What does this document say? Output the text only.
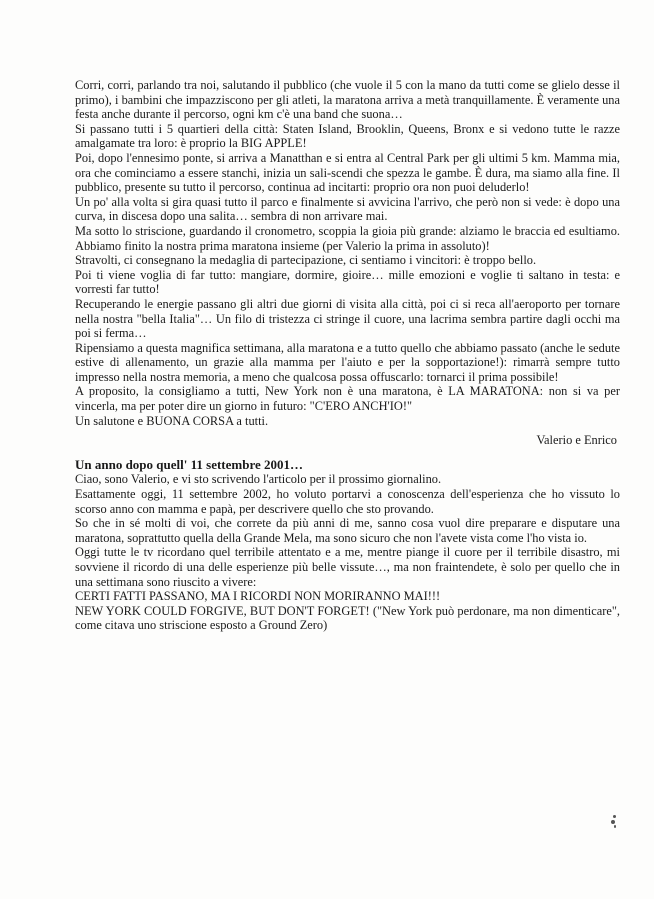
Corri, corri, parlando tra noi, salutando il pubblico (che vuole il 5 con la mano da tutti come se glielo desse il primo), i bambini che impazziscono per gli atleti, la maratona arriva a metà tranquillamente. È veramente una festa anche durante il percorso, ogni km c'è una band che suona…

Si passano tutti i 5 quartieri della città: Staten Island, Brooklin, Queens, Bronx e si vedono tutte le razze amalgamate tra loro: è proprio la BIG APPLE!

Poi, dopo l'ennesimo ponte, si arriva a Manatthan e si entra al Central Park per gli ultimi 5 km. Mamma mia, ora che cominciamo a essere stanchi, inizia un sali-scendi che spezza le gambe. È dura, ma siamo alla fine. Il pubblico, presente su tutto il percorso, continua ad incitarti: proprio ora non puoi deluderlo!

Un po' alla volta si gira quasi tutto il parco e finalmente si avvicina l'arrivo, che però non si vede: è dopo una curva, in discesa dopo una salita… sembra di non arrivare mai.

Ma sotto lo striscione, guardando il cronometro, scoppia la gioia più grande: alziamo le braccia ed esultiamo. Abbiamo finito la nostra prima maratona insieme (per Valerio la prima in assoluto)!

Stravolti, ci consegnano la medaglia di partecipazione, ci sentiamo i vincitori: è troppo bello.

Poi ti viene voglia di far tutto: mangiare, dormire, gioire… mille emozioni e voglie ti saltano in testa: e vorresti far tutto!

Recuperando le energie passano gli altri due giorni di visita alla città, poi ci si reca all'aeroporto per tornare nella nostra "bella Italia"… Un filo di tristezza ci stringe il cuore, una lacrima sembra partire dagli occhi ma poi si ferma…

Ripensiamo a questa magnifica settimana, alla maratona e a tutto quello che abbiamo passato (anche le sedute estive di allenamento, un grazie alla mamma per l'aiuto e per la sopportazione!): rimarrà sempre tutto impresso nella nostra memoria, a meno che qualcosa possa offuscarlo: tornarci il prima possibile!

A proposito, la consigliamo a tutti, New York non è una maratona, è LA MARATONA: non si va per vincerla, ma per poter dire un giorno in futuro: "C'ERO ANCH'IO!"

Un salutone e BUONA CORSA a tutti.

Valerio e Enrico

Un anno dopo quell' 11 settembre 2001…

Ciao, sono Valerio, e vi sto scrivendo l'articolo per il prossimo giornalino.

Esattamente oggi, 11 settembre 2002, ho voluto portarvi a conoscenza dell'esperienza che ho vissuto lo scorso anno con mamma e papà, per descrivere quello che sto provando.

So che in sé molti di voi, che correte da più anni di me, sanno cosa vuol dire preparare e disputare una maratona, soprattutto quella della Grande Mela, ma sono sicuro che non l'avete vista come l'ho vista io.

Oggi tutte le tv ricordano quel terribile attentato e a me, mentre piange il cuore per il terribile disastro, mi sovviene il ricordo di una delle esperienze più belle vissute…, ma non fraintendete, è solo per quello che in una settimana sono riuscito a vivere:

CERTI FATTI PASSANO, MA I RICORDI NON MORIRANNO MAI!!!

NEW YORK COULD FORGIVE, BUT DON'T FORGET! ("New York può perdonare, ma non dimenticare", come citava uno striscione esposto a Ground Zero)
